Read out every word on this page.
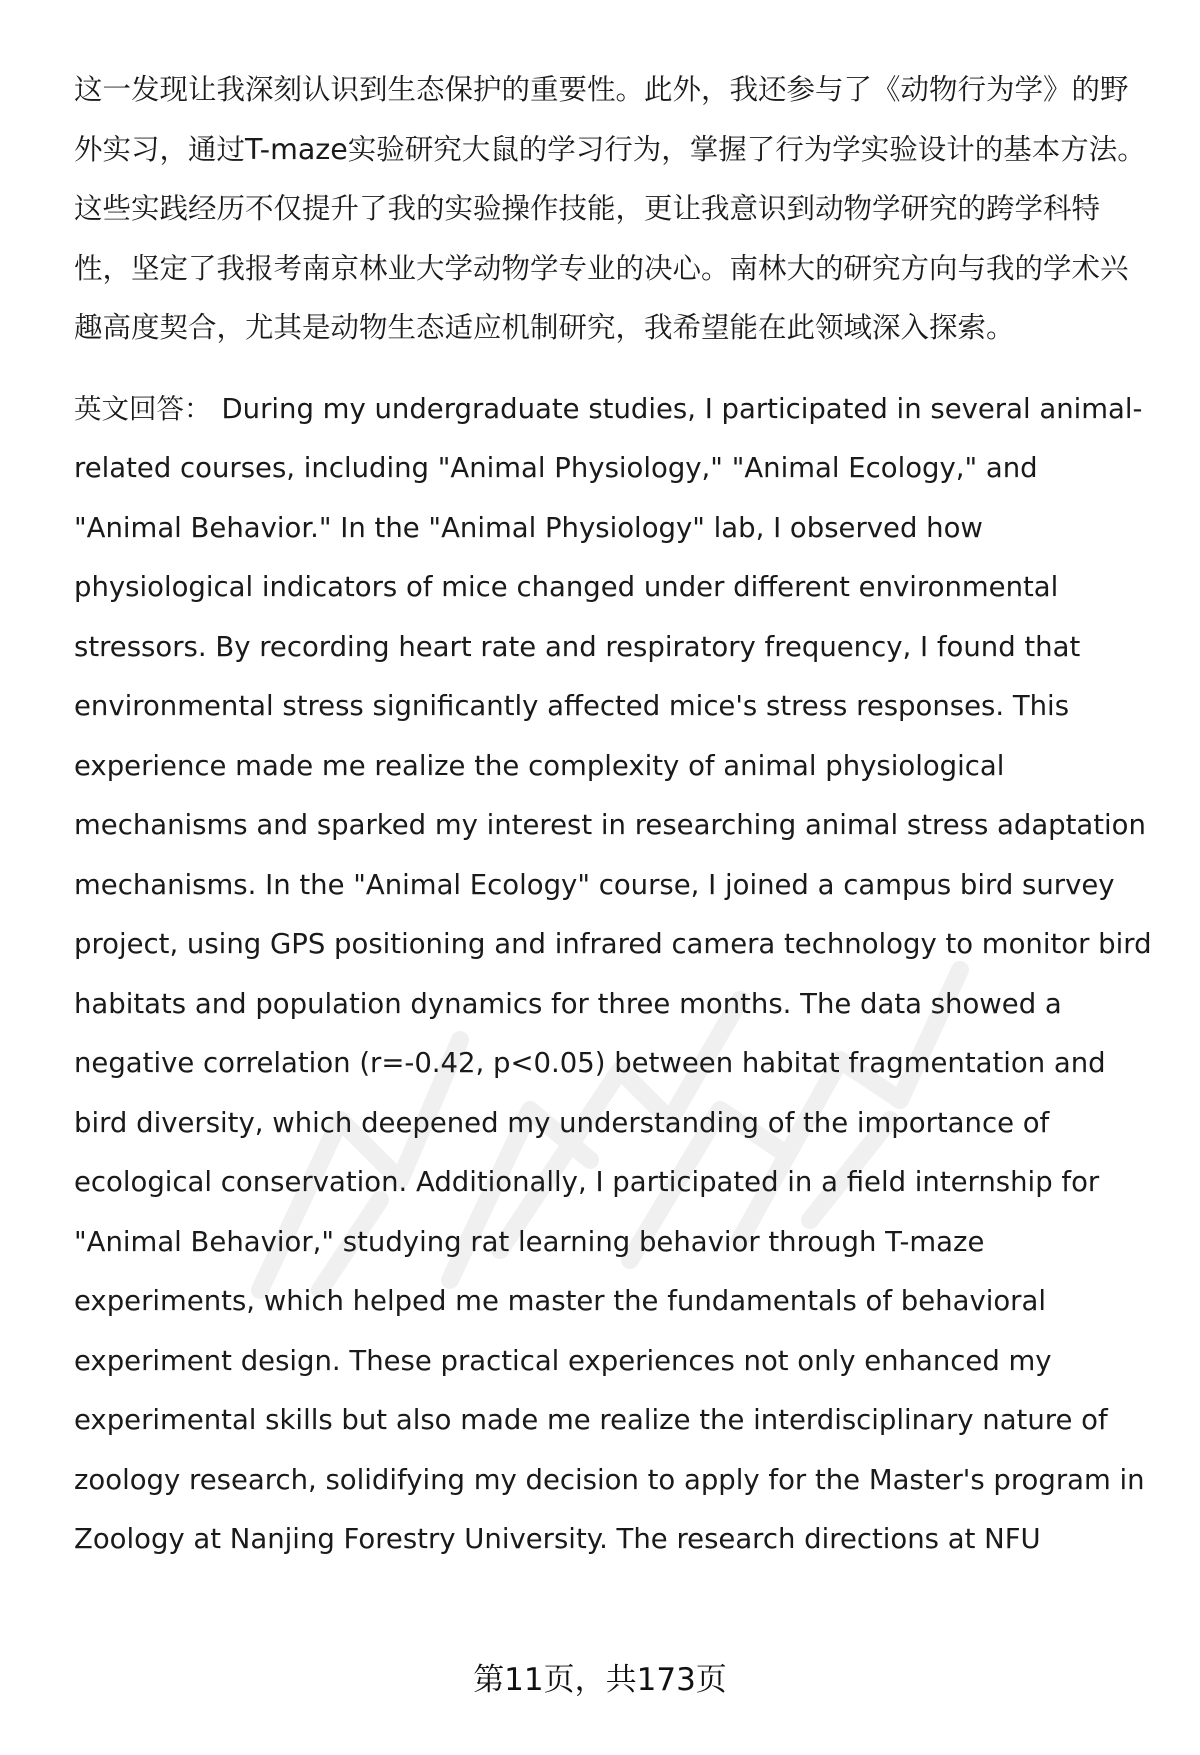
这一发现让我深刻认识到生态保护的重要性。此外，我还参与了《动物行为学》的野外实习，通过T-maze实验研究大鼠的学习行为，掌握了行为学实验设计的基本方法。这些实践经历不仅提升了我的实验操作技能，更让我意识到动物学研究的跨学科特性，坚定了我报考南京林业大学动物学专业的决心。南林大的研究方向与我的学术兴趣高度契合，尤其是动物生态适应机制研究，我希望能在此领域深入探索。

英文回答： During my undergraduate studies, I participated in several animal-related courses, including "Animal Physiology," "Animal Ecology," and "Animal Behavior." In the "Animal Physiology" lab, I observed how physiological indicators of mice changed under different environmental stressors. By recording heart rate and respiratory frequency, I found that environmental stress significantly affected mice's stress responses. This experience made me realize the complexity of animal physiological mechanisms and sparked my interest in researching animal stress adaptation mechanisms. In the "Animal Ecology" course, I joined a campus bird survey project, using GPS positioning and infrared camera technology to monitor bird habitats and population dynamics for three months. The data showed a negative correlation (r=-0.42, p<0.05) between habitat fragmentation and bird diversity, which deepened my understanding of the importance of ecological conservation. Additionally, I participated in a field internship for "Animal Behavior," studying rat learning behavior through T-maze experiments, which helped me master the fundamentals of behavioral experiment design. These practical experiences not only enhanced my experimental skills but also made me realize the interdisciplinary nature of zoology research, solidifying my decision to apply for the Master's program in Zoology at Nanjing Forestry University. The research directions at NFU

第11页，共173页
